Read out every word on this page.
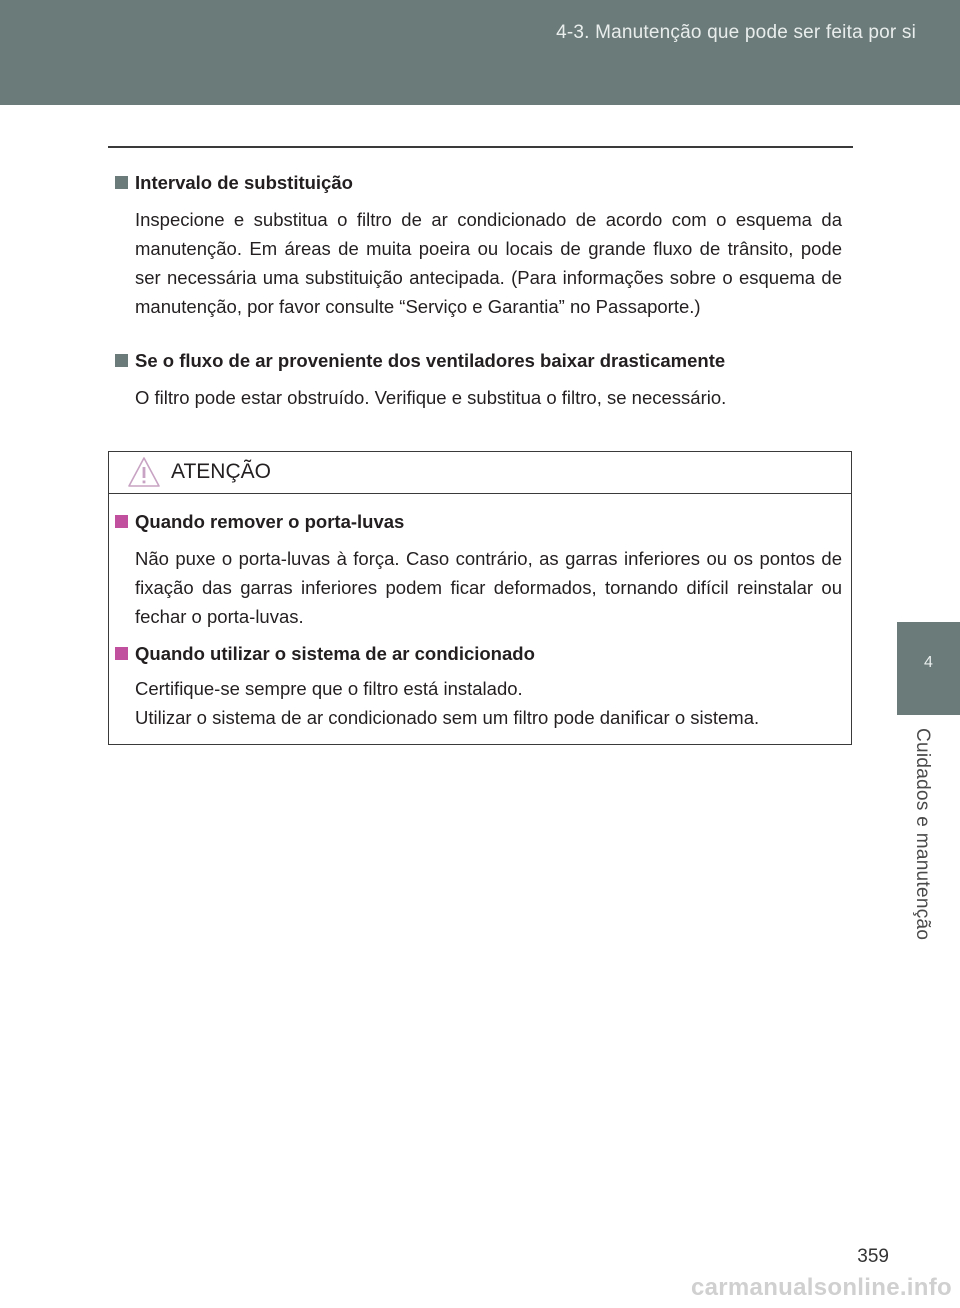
4-3. Manutenção que pode ser feita por si
4
Cuidados e manutenção

Intervalo de substituição

Inspecione e substitua o filtro de ar condicionado de acordo com o esquema da manutenção. Em áreas de muita poeira ou locais de grande fluxo de trânsito, pode ser necessária uma substituição antecipada. (Para informações sobre o esquema de manutenção, por favor consulte “Serviço e Garantia” no Passaporte.)

Se o fluxo de ar proveniente dos ventiladores baixar drasticamente

O filtro pode estar obstruído. Verifique e substitua o filtro, se necessário.

ATENÇÃO

Quando remover o porta-luvas

Não puxe o porta-luvas à força. Caso contrário, as garras inferiores ou os pontos de fixação das garras inferiores podem ficar deformados, tornando difícil reinstalar ou fechar o porta-luvas.

Quando utilizar o sistema de ar condicionado

Certifique-se sempre que o filtro está instalado.
Utilizar o sistema de ar condicionado sem um filtro pode danificar o sistema.

359
carmanualsonline.info
